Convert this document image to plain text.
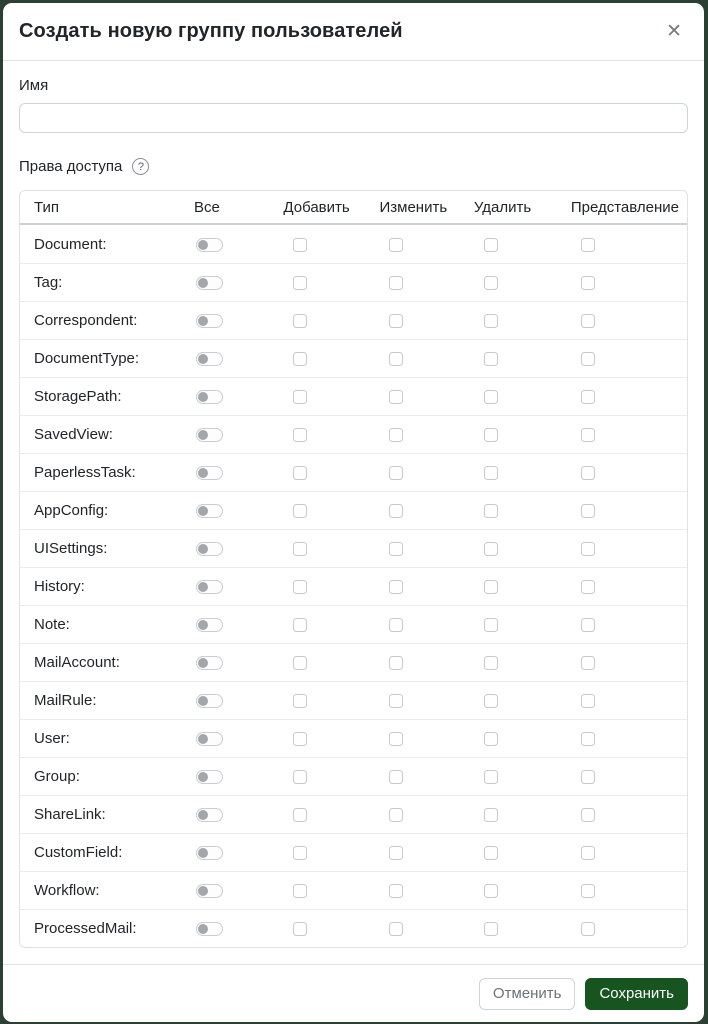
Создать новую группу пользователей	✕
Имя
Права доступа	?
Тип	Все	Добавить	Изменить	Удалить	Представление
Document:	

Tag:	

Correspondent:	

DocumentType:	

StoragePath:	

SavedView:	

PaperlessTask:	

AppConfig:	

UISettings:	

History:	

Note:	

MailAccount:	

MailRule:	

User:	

Group:	

ShareLink:	

CustomField:	

Workflow:	

ProcessedMail:	

Отменить	Сохранить
